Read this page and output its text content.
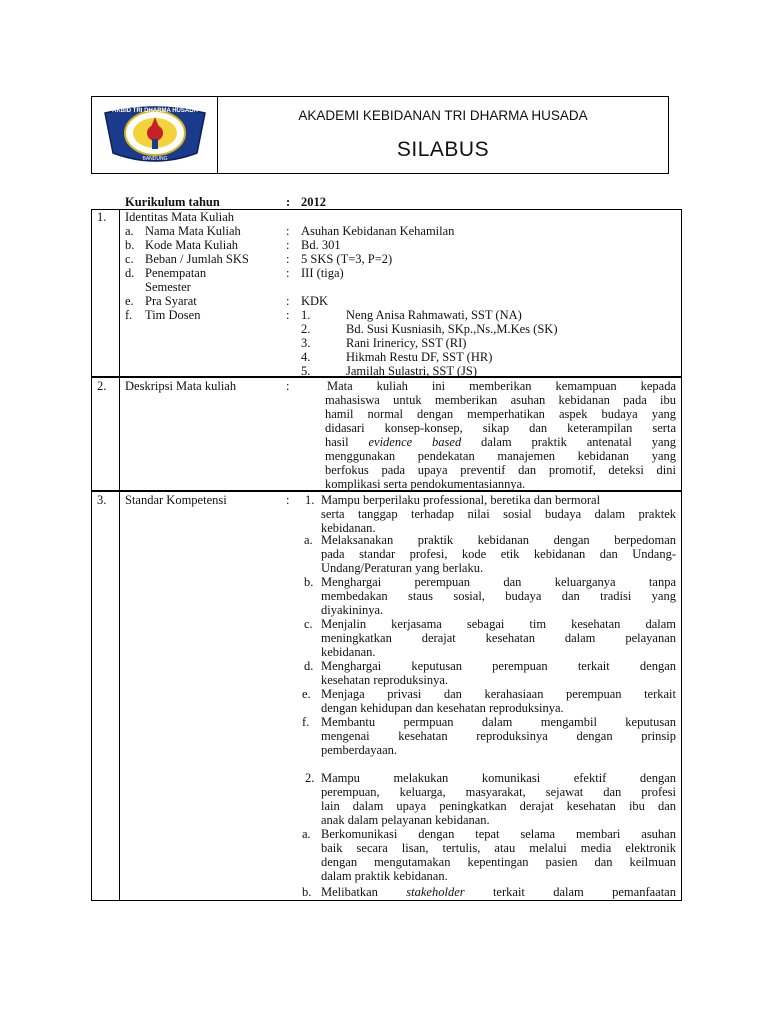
AKBID TRI DHARMA HUSADA
YTDH
BANDUNG
AKADEMI KEBIDANAN TRI DHARMA HUSADA
SILABUS
Kurikulum tahun	: 2012
1. Identitas Mata Kuliah
a. Nama Mata Kuliah	: Asuhan Kebidanan Kehamilan
b. Kode Mata Kuliah	: Bd. 301
c. Beban / Jumlah SKS	: 5 SKS (T=3, P=2)
d. Penempatan	: III (tiga)
Semester
e. Pra Syarat	: KDK
f. Tim Dosen	: 1.	Neng Anisa Rahmawati, SST (NA)
2.	Bd. Susi Kusniasih, SKp.,Ns.,M.Kes (SK)
3.	Rani Irinericy, SST (RI)
4.	Hikmah Restu DF, SST (HR)
5.	Jamilah Sulastri, SST (JS)
2. Deskripsi Mata kuliah	:	Mata kuliah ini memberikan kemampuan kepada
mahasiswa untuk memberikan asuhan kebidanan pada ibu
hamil normal dengan memperhatikan aspek budaya yang
didasari konsep-konsep, sikap dan keterampilan serta
hasil evidence based dalam praktik antenatal yang
menggunakan pendekatan manajemen kebidanan yang
berfokus pada upaya preventif dan promotif, deteksi dini
komplikasi serta pendokumentasiannya.
3. Standar Kompetensi	: 1. Mampu berperilaku professional, beretika dan bermoral
serta tanggap terhadap nilai sosial budaya dalam praktek
kebidanan.
a. Melaksanakan praktik kebidanan dengan berpedoman
pada standar profesi, kode etik kebidanan dan Undang-
Undang/Peraturan yang berlaku.
b. Menghargai perempuan dan keluarganya tanpa
membedakan staus sosial, budaya dan tradisi yang
diyakininya.
c. Menjalin kerjasama sebagai tim kesehatan dalam
meningkatkan derajat kesehatan dalam pelayanan
kebidanan.
d. Menghargai keputusan perempuan terkait dengan
kesehatan reproduksinya.
e. Menjaga privasi dan kerahasiaan perempuan terkait
dengan kehidupan dan kesehatan reproduksinya.
f. Membantu permpuan dalam mengambil keputusan
mengenai kesehatan reproduksinya dengan prinsip
pemberdayaan.
2. Mampu melakukan komunikasi efektif dengan
perempuan, keluarga, masyarakat, sejawat dan profesi
lain dalam upaya peningkatkan derajat kesehatan ibu dan
anak dalam pelayanan kebidanan.
a. Berkomunikasi dengan tepat selama membari asuhan
baik secara lisan, tertulis, atau melalui media elektronik
dengan mengutamakan kepentingan pasien dan keilmuan
dalam praktik kebidanan.
b. Melibatkan stakeholder terkait dalam pemanfaatan
